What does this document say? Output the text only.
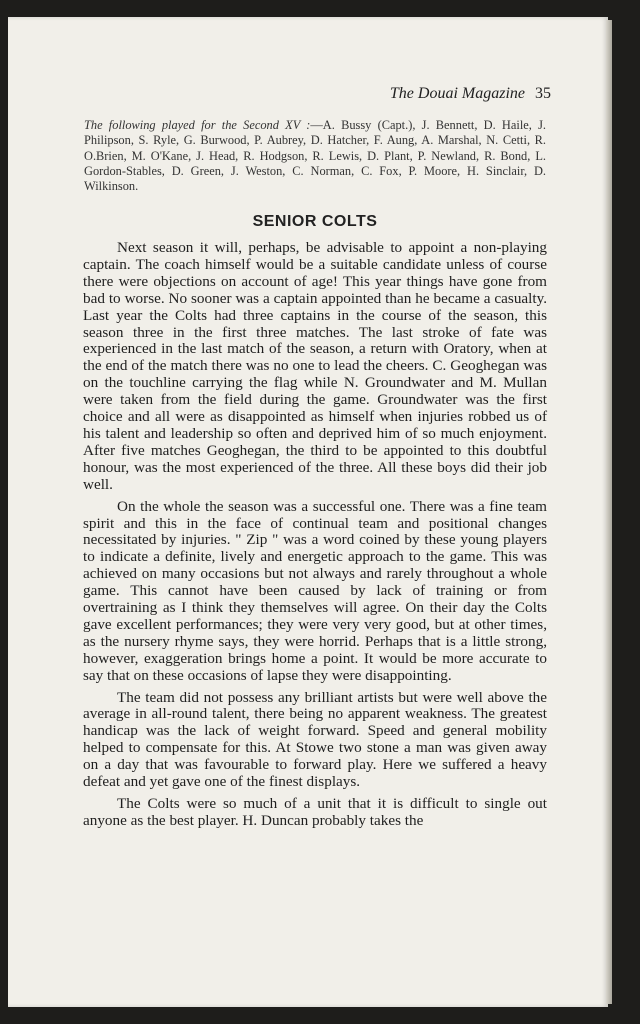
The Douai Magazine 35
The following played for the Second XV :—A. Bussy (Capt.), J. Bennett, D. Haile, J. Philipson, S. Ryle, G. Burwood, P. Aubrey, D. Hatcher, F. Aung, A. Marshal, N. Cetti, R. O.Brien, M. O'Kane, J. Head, R. Hodgson, R. Lewis, D. Plant, P. Newland, R. Bond, L. Gordon-Stables, D. Green, J. Weston, C. Norman, C. Fox, P. Moore, H. Sinclair, D. Wilkinson.
SENIOR COLTS

Next season it will, perhaps, be advisable to appoint a non-playing captain. The coach himself would be a suitable candidate unless of course there were objections on account of age! This year things have gone from bad to worse. No sooner was a captain appointed than he became a casualty. Last year the Colts had three captains in the course of the season, this season three in the first three matches. The last stroke of fate was experienced in the last match of the season, a return with Oratory, when at the end of the match there was no one to lead the cheers. C. Geoghegan was on the touchline carrying the flag while N. Groundwater and M. Mullan were taken from the field during the game. Groundwater was the first choice and all were as disappointed as himself when injuries robbed us of his talent and leadership so often and deprived him of so much enjoyment. After five matches Geoghegan, the third to be appointed to this doubtful honour, was the most experienced of the three. All these boys did their job well.

On the whole the season was a successful one. There was a fine team spirit and this in the face of continual team and positional changes necessitated by injuries. " Zip " was a word coined by these young players to indicate a definite, lively and energetic approach to the game. This was achieved on many occasions but not always and rarely throughout a whole game. This cannot have been caused by lack of training or from overtraining as I think they themselves will agree. On their day the Colts gave excellent performances; they were very very good, but at other times, as the nursery rhyme says, they were horrid. Perhaps that is a little strong, however, exaggeration brings home a point. It would be more accurate to say that on these occasions of lapse they were disappointing.

The team did not possess any brilliant artists but were well above the average in all-round talent, there being no apparent weakness. The greatest handicap was the lack of weight forward. Speed and general mobility helped to compensate for this. At Stowe two stone a man was given away on a day that was favourable to forward play. Here we suffered a heavy defeat and yet gave one of the finest displays.

The Colts were so much of a unit that it is difficult to single out anyone as the best player. H. Duncan probably takes the
